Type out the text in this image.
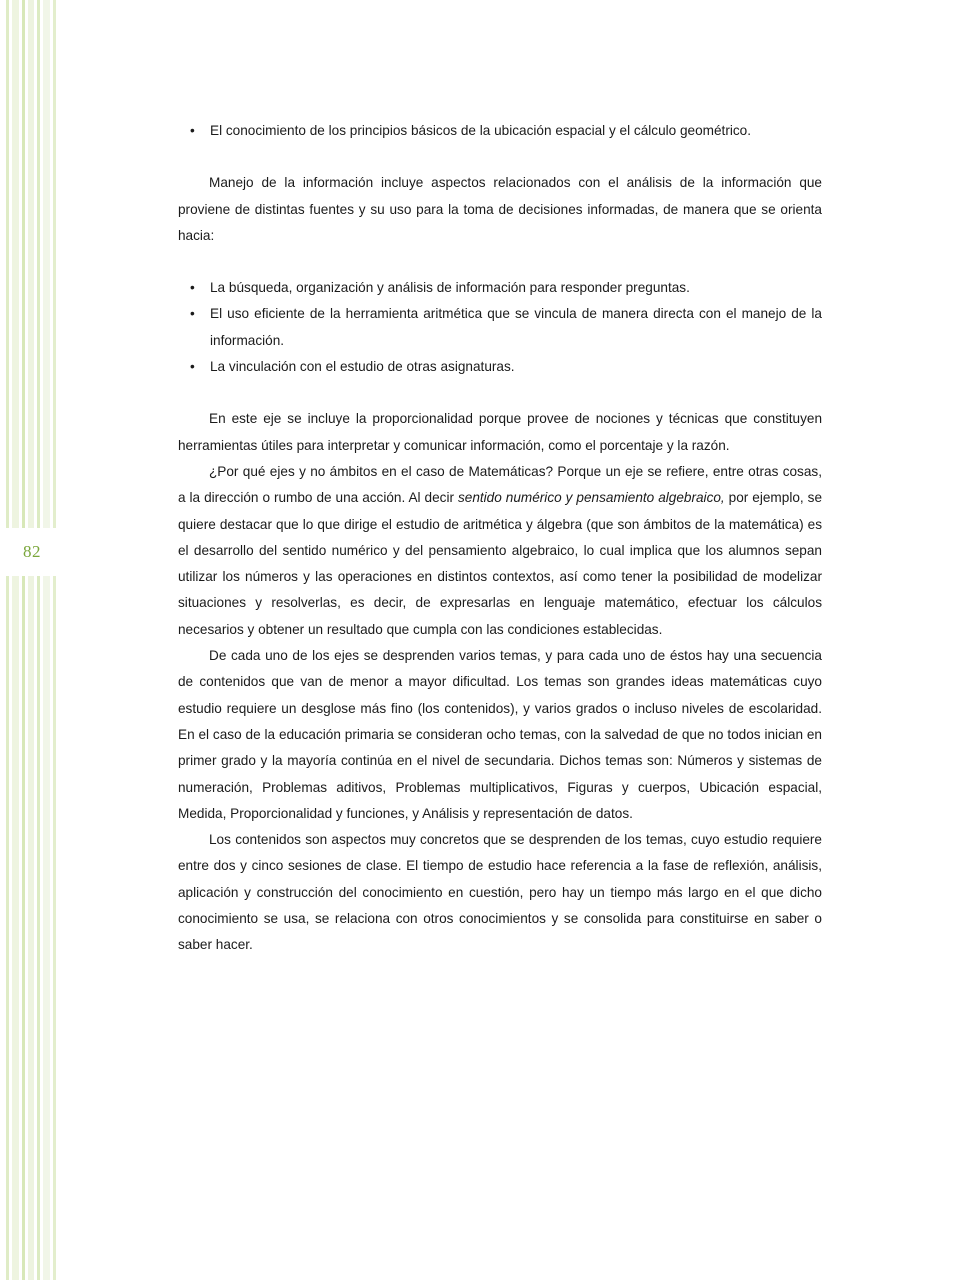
82
• El conocimiento de los principios básicos de la ubicación espacial y el cálculo geométrico.

Manejo de la información incluye aspectos relacionados con el análisis de la información que proviene de distintas fuentes y su uso para la toma de decisiones informadas, de manera que se orienta hacia:

• La búsqueda, organización y análisis de información para responder preguntas.
• El uso eficiente de la herramienta aritmética que se vincula de manera directa con el manejo de la información.
• La vinculación con el estudio de otras asignaturas.

En este eje se incluye la proporcionalidad porque provee de nociones y técnicas que constituyen herramientas útiles para interpretar y comunicar información, como el porcentaje y la razón.

¿Por qué ejes y no ámbitos en el caso de Matemáticas? Porque un eje se refiere, entre otras cosas, a la dirección o rumbo de una acción. Al decir sentido numérico y pensamiento algebraico, por ejemplo, se quiere destacar que lo que dirige el estudio de aritmética y álgebra (que son ámbitos de la matemática) es el desarrollo del sentido numérico y del pensamiento algebraico, lo cual implica que los alumnos sepan utilizar los números y las operaciones en distintos contextos, así como tener la posibilidad de modelizar situaciones y resolverlas, es decir, de expresarlas en lenguaje matemático, efectuar los cálculos necesarios y obtener un resultado que cumpla con las condiciones establecidas.

De cada uno de los ejes se desprenden varios temas, y para cada uno de éstos hay una secuencia de contenidos que van de menor a mayor dificultad. Los temas son grandes ideas matemáticas cuyo estudio requiere un desglose más fino (los contenidos), y varios grados o incluso niveles de escolaridad. En el caso de la educación primaria se consideran ocho temas, con la salvedad de que no todos inician en primer grado y la mayoría continúa en el nivel de secundaria. Dichos temas son: Números y sistemas de numeración, Problemas aditivos, Problemas multiplicativos, Figuras y cuerpos, Ubicación espacial, Medida, Proporcionalidad y funciones, y Análisis y representación de datos.

Los contenidos son aspectos muy concretos que se desprenden de los temas, cuyo estudio requiere entre dos y cinco sesiones de clase. El tiempo de estudio hace referencia a la fase de reflexión, análisis, aplicación y construcción del conocimiento en cuestión, pero hay un tiempo más largo en el que dicho conocimiento se usa, se relaciona con otros conocimientos y se consolida para constituirse en saber o saber hacer.
